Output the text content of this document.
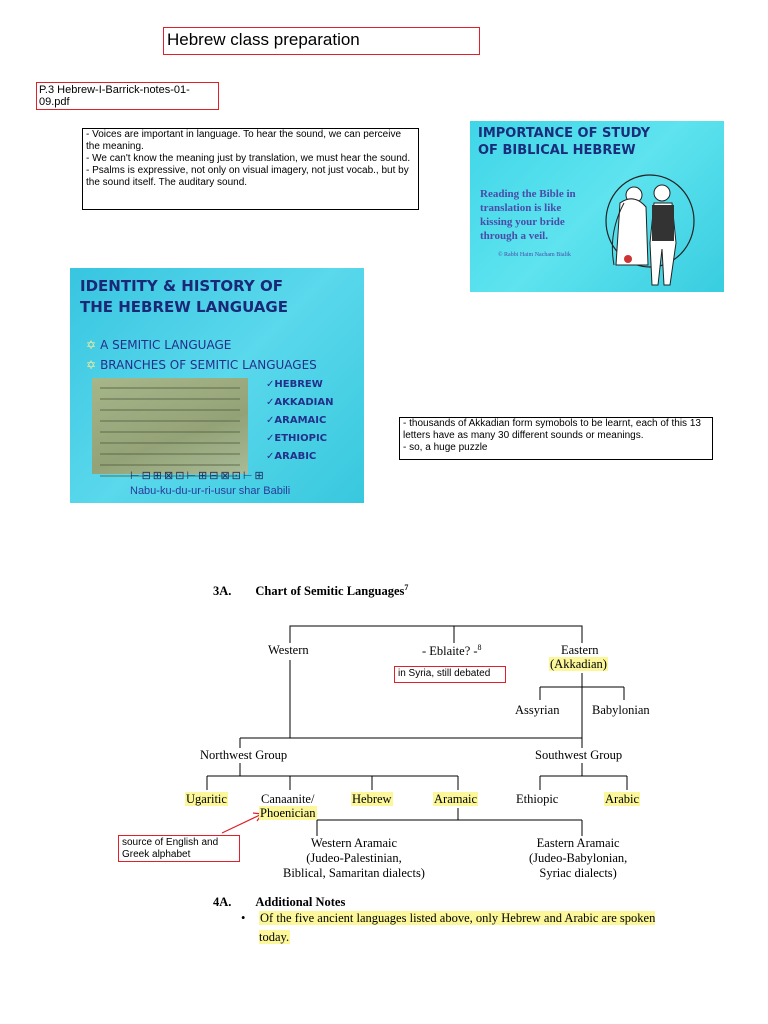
Hebrew class preparation
P.3 Hebrew-I-Barrick-notes-01-09.pdf
- Voices are important in language. To hear the sound, we can perceive the meaning.
- We can't know the meaning just by translation, we must hear the sound.
- Psalms is expressive, not only on visual imagery, not just vocab., but by the sound itself. The auditary sound.
IMPORTANCE OF STUDY
OF BIBLICAL HEBREW
Reading the Bible in translation is like kissing your bride through a veil.
© Rabbi Haim Nacham Bialik
IDENTITY & HISTORY OF
THE HEBREW LANGUAGE
✡ A SEMITIC LANGUAGE
✡ BRANCHES OF SEMITIC LANGUAGES
✓HEBREW
✓AKKADIAN
✓ARAMAIC
✓ETHIOPIC
✓ARABIC
⊢⊟⊞⊠⊡⊢⊞⊟⊠⊡⊢⊞
Nabu-ku-du-ur-ri-usur shar Babili
- thousands of Akkadian form symobols to be learnt, each of this 13 letters have as many 30 different sounds or meanings.
- so, a huge puzzle
3A. Chart of Semitic Languages$^7$
Western	- Eblaite? -$^8$	Eastern
(Akkadian)
Assyrian	Babylonian
Northwest Group	Southwest Group
Ugaritic	Canaanite/
Phoenician
Hebrew	Aramaic	Ethiopic	Arabic
Western Aramaic
(Judeo-Palestinian,
Biblical, Samaritan dialects)
Eastern Aramaic
(Judeo-Babylonian,
Syriac dialects)
in Syria, still debated
source of English and Greek alphabet
4A. Additional Notes
• Of the five ancient languages listed above, only Hebrew and Arabic are spoken today.
